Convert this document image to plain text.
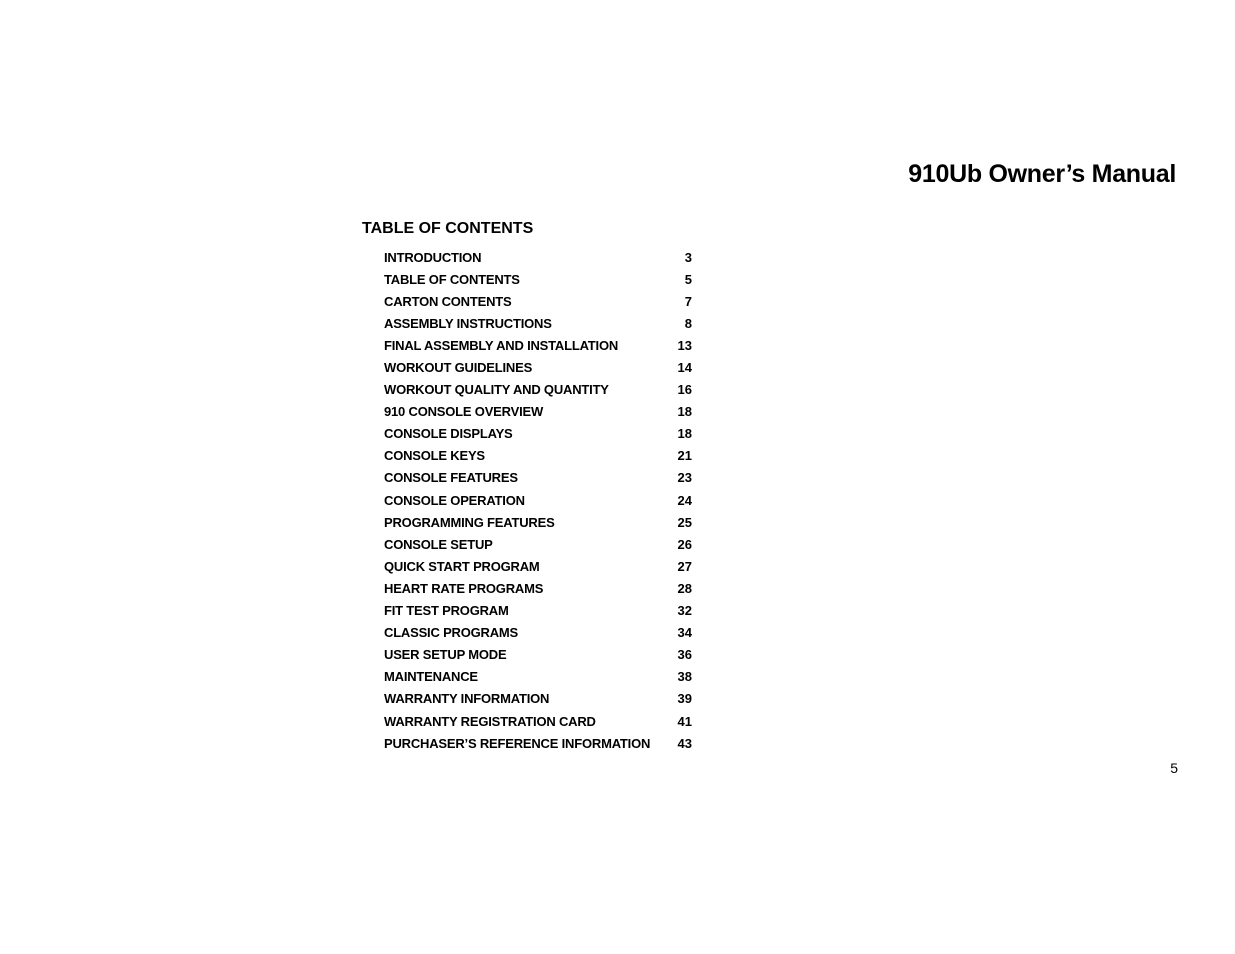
910Ub Owner’s Manual
TABLE OF CONTENTS
INTRODUCTION	3
TABLE OF CONTENTS	5
CARTON CONTENTS	7
ASSEMBLY INSTRUCTIONS	8
FINAL ASSEMBLY AND INSTALLATION	13
WORKOUT GUIDELINES	14
WORKOUT QUALITY AND QUANTITY	16
910 CONSOLE OVERVIEW	18
CONSOLE DISPLAYS	18
CONSOLE KEYS	21
CONSOLE FEATURES	23
CONSOLE OPERATION	24
PROGRAMMING FEATURES	25
CONSOLE SETUP	26
QUICK START PROGRAM	27
HEART RATE PROGRAMS	28
FIT TEST PROGRAM	32
CLASSIC PROGRAMS	34
USER SETUP MODE	36
MAINTENANCE	38
WARRANTY INFORMATION	39
WARRANTY REGISTRATION CARD	41
PURCHASER’S REFERENCE INFORMATION	43
5
